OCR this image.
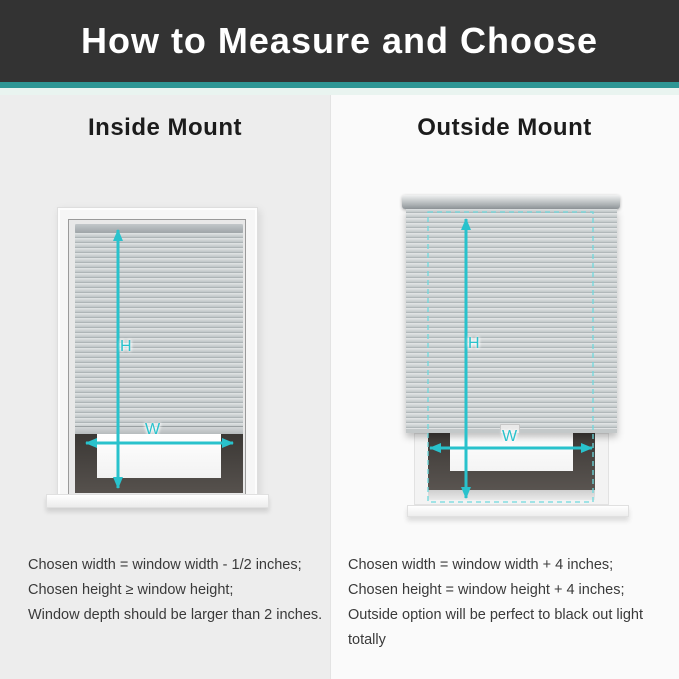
How to Measure and Choose
Inside Mount	Outside Mount
H
W
H
W

Chosen width = window width - 1/2 inches;

Chosen height ≥ window height;

Window depth should be larger than 2 inches.

Chosen width = window width + 4 inches;

Chosen height = window height + 4 inches;

Outside option will be perfect to black out light totally
